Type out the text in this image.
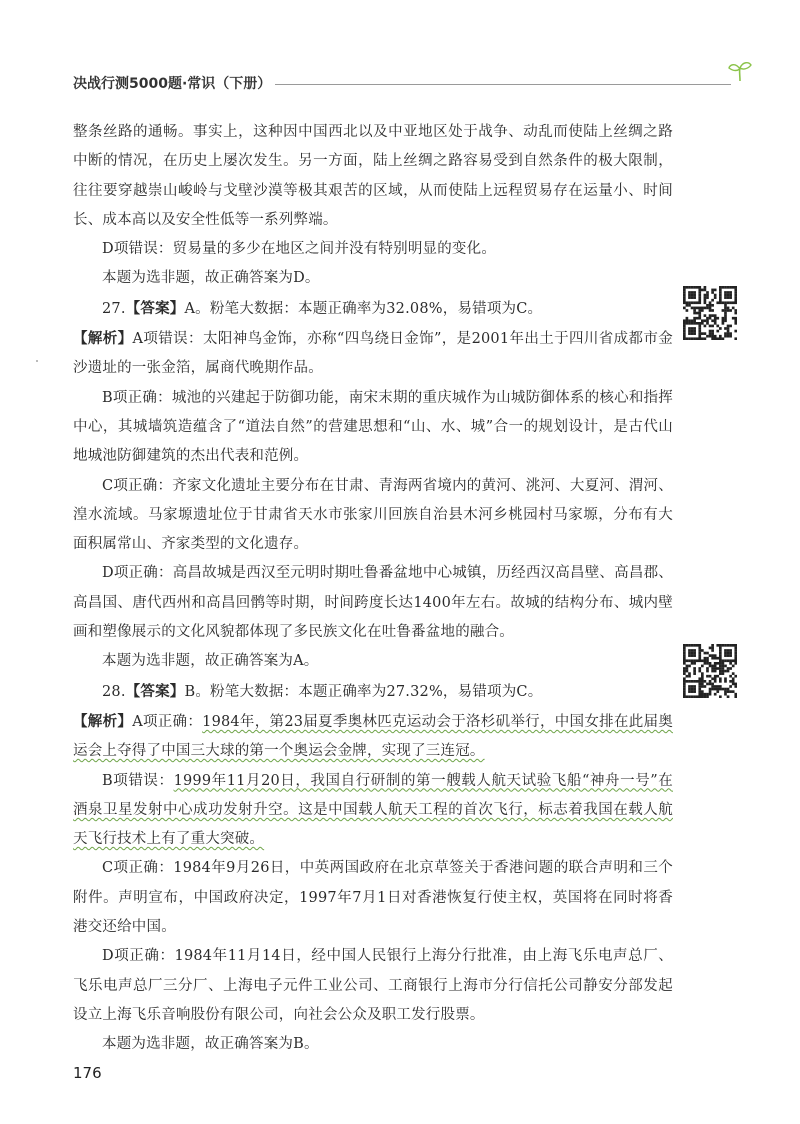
决战行测5000题·常识（下册）

整条丝路的通畅。事实上，这种因中国西北以及中亚地区处于战争、动乱而使陆上丝绸之路中断的情况，在历史上屡次发生。另一方面，陆上丝绸之路容易受到自然条件的极大限制，往往要穿越崇山峻岭与戈壁沙漠等极其艰苦的区域，从而使陆上远程贸易存在运量小、时间长、成本高以及安全性低等一系列弊端。

D项错误：贸易量的多少在地区之间并没有特别明显的变化。

本题为选非题，故正确答案为D。

27.【答案】A。粉笔大数据：本题正确率为32.08%，易错项为C。

【解析】A项错误：太阳神鸟金饰，亦称“四鸟绕日金饰”，是2001年出土于四川省成都市金沙遗址的一张金箔，属商代晚期作品。

B项正确：城池的兴建起于防御功能，南宋末期的重庆城作为山城防御体系的核心和指挥中心，其城墙筑造蕴含了“道法自然”的营建思想和“山、水、城”合一的规划设计，是古代山地城池防御建筑的杰出代表和范例。

C项正确：齐家文化遗址主要分布在甘肃、青海两省境内的黄河、洮河、大夏河、渭河、湟水流域。马家塬遗址位于甘肃省天水市张家川回族自治县木河乡桃园村马家塬，分布有大面积属常山、齐家类型的文化遗存。

D项正确：高昌故城是西汉至元明时期吐鲁番盆地中心城镇，历经西汉高昌壁、高昌郡、高昌国、唐代西州和高昌回鹘等时期，时间跨度长达1400年左右。故城的结构分布、城内壁画和塑像展示的文化风貌都体现了多民族文化在吐鲁番盆地的融合。

本题为选非题，故正确答案为A。

28.【答案】B。粉笔大数据：本题正确率为27.32%，易错项为C。

【解析】A项正确：1984年，第23届夏季奥林匹克运动会于洛杉矶举行，中国女排在此届奥运会上夺得了中国三大球的第一个奥运会金牌，实现了三连冠。

B项错误：1999年11月20日，我国自行研制的第一艘载人航天试验飞船“神舟一号”在酒泉卫星发射中心成功发射升空。这是中国载人航天工程的首次飞行，标志着我国在载人航天飞行技术上有了重大突破。

C项正确：1984年9月26日，中英两国政府在北京草签关于香港问题的联合声明和三个附件。声明宣布，中国政府决定，1997年7月1日对香港恢复行使主权，英国将在同时将香港交还给中国。

D项正确：1984年11月14日，经中国人民银行上海分行批准，由上海飞乐电声总厂、飞乐电声总厂三分厂、上海电子元件工业公司、工商银行上海市分行信托公司静安分部发起设立上海飞乐音响股份有限公司，向社会公众及职工发行股票。

本题为选非题，故正确答案为B。

176
